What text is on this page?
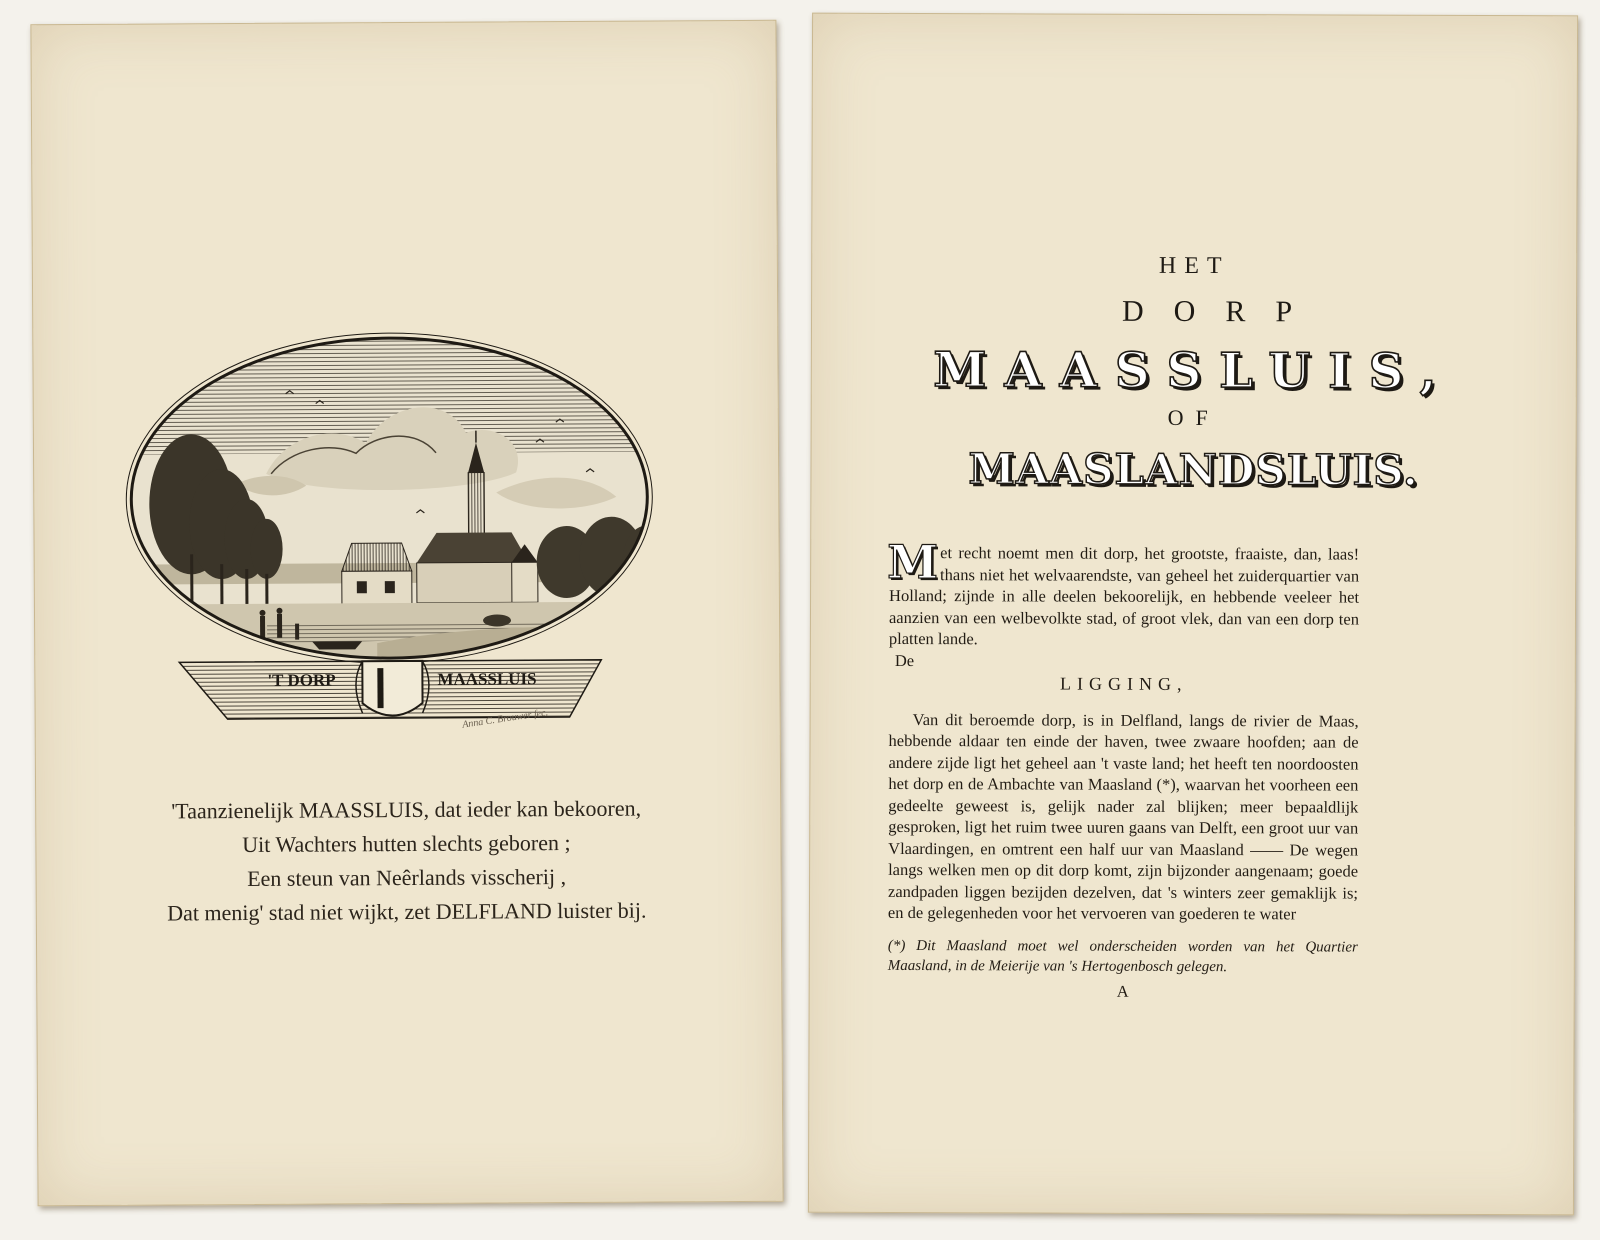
'T DORP	MAASSLUIS
Anna C. Brouwer fec.
'Taanzienelijk MAASSLUIS, dat ieder kan bekooren,
Uit Wachters hutten slechts geboren ;
Een steun van Neêrlands visscherij ,
Dat menig' stad niet wijkt, zet DELFLAND luister bij.
HET
DORP
MAASSLUIS,
OF
MAASLANDSLUIS.
M et recht noemt men dit dorp, het grootste, fraaiste, dan, laas! thans niet het welvaarendste, van geheel het zuiderquartier van Holland; zijnde in alle deelen bekoorelijk, en hebbende veeleer het aanzien van een welbevolkte stad, of groot vlek, dan van een dorp ten platten lande.

De
LIGGING,

Van dit beroemde dorp, is in Delfland, langs de rivier de Maas, hebbende aldaar ten einde der haven, twee zwaare hoofden; aan de andere zijde ligt het geheel aan 't vaste land; het heeft ten noordoosten het dorp en de Ambachte van Maasland (*), waarvan het voorheen een gedeelte geweest is, gelijk nader zal blijken; meer bepaaldlijk gesproken, ligt het ruim twee uuren gaans van Delft, een groot uur van Vlaardingen, en omtrent een half uur van Maasland —— De wegen langs welken men op dit dorp komt, zijn bijzonder aangenaam; goede zandpaden liggen bezijden dezelven, dat 's winters zeer gemaklijk is; en de gelegenheden voor het vervoeren van goederen te water

(*) Dit Maasland moet wel onderscheiden worden van het Quartier Maasland, in de Meierije van 's Hertogenbosch gelegen.
A
